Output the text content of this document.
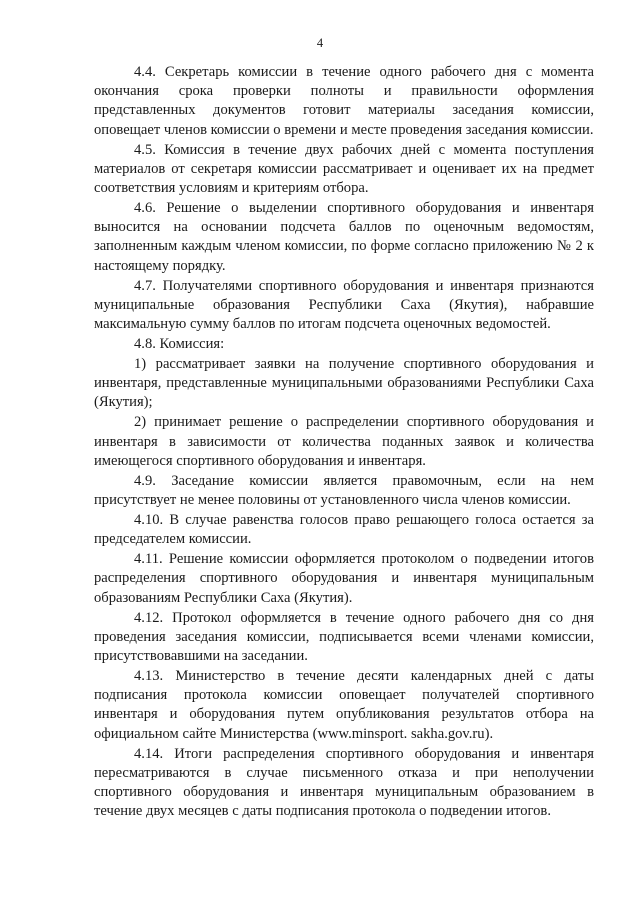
4

4.4. Секретарь комиссии в течение одного рабочего дня с момента окончания срока проверки полноты и правильности оформления представленных документов готовит материалы заседания комиссии, оповещает членов комиссии о времени и месте проведения заседания комиссии.

4.5. Комиссия в течение двух рабочих дней с момента поступления материалов от секретаря комиссии рассматривает и оценивает их на предмет соответствия условиям и критериям отбора.

4.6. Решение о выделении спортивного оборудования и инвентаря выносится на основании подсчета баллов по оценочным ведомостям, заполненным каждым членом комиссии, по форме согласно приложению № 2 к настоящему порядку.

4.7. Получателями спортивного оборудования и инвентаря признаются муниципальные образования Республики Саха (Якутия), набравшие максимальную сумму баллов по итогам подсчета оценочных ведомостей.

4.8. Комиссия:

1) рассматривает заявки на получение спортивного оборудования и инвентаря, представленные муниципальными образованиями Республики Саха (Якутия);

2) принимает решение о распределении спортивного оборудования и инвентаря в зависимости от количества поданных заявок и количества имеющегося спортивного оборудования и инвентаря.

4.9. Заседание комиссии является правомочным, если на нем присутствует не менее половины от установленного числа членов комиссии.

4.10. В случае равенства голосов право решающего голоса остается за председателем комиссии.

4.11. Решение комиссии оформляется протоколом о подведении итогов распределения спортивного оборудования и инвентаря муниципальным образованиям Республики Саха (Якутия).

4.12. Протокол оформляется в течение одного рабочего дня со дня проведения заседания комиссии, подписывается всеми членами комиссии, присутствовавшими на заседании.

4.13. Министерство в течение десяти календарных дней с даты подписания протокола комиссии оповещает получателей спортивного инвентаря и оборудования путем опубликования результатов отбора на официальном сайте Министерства (www.minsport. sakha.gov.ru).

4.14. Итоги распределения спортивного оборудования и инвентаря пересматриваются в случае письменного отказа и при неполучении спортивного оборудования и инвентаря муниципальным образованием в течение двух месяцев с даты подписания протокола о подведении итогов.
